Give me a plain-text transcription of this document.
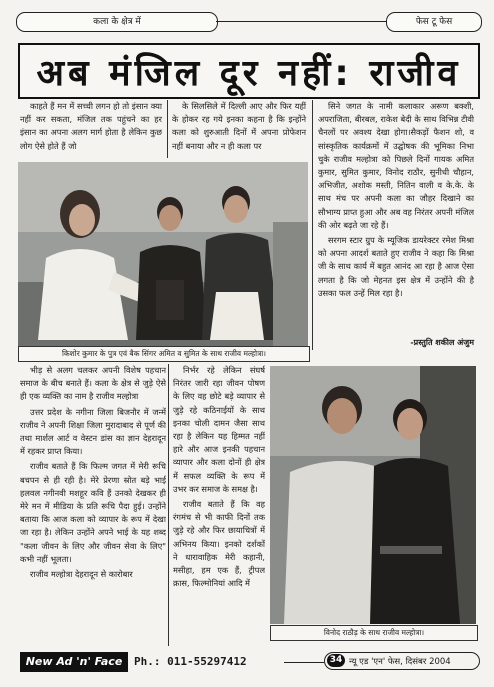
कला के क्षेत्र में	फेस टू फेस
अब मंजिल दूर नहीं: राजीव

काहते हैं मन में सच्ची लगन हो तो इंसान क्या नहीं कर सकता, मंजिल तक पहुंचने का हर इंसान का अपना अलग मार्ग होता है लेकिन कुछ लोग ऐसे होते हैं जो

के सिलसिले में दिल्ली आए और फिर यहीं के होकर रह गये इनका कहना है कि इन्होंने कला को शुरुआती दिनों में अपना प्रोफेशन नहीं बनाया और न ही कला पर

सिने जगत के नामी कलाकार अरूण बक्शी, अपराजिता, बीरबल, राकेश बेदी के साथ विभिन्न टीवी चैनलों पर अवश्य देखा होगा।सैकड़ों फैशन शो, व सांस्कृतिक कार्यक्रमों में उद्घोषक की भूमिका निभा चुके राजीव मल्होत्रा को पिछले दिनों गायक अमित कुमार, सुमित कुमार, विनोद राठौर, सुनीधी चौहान, अभिजीत, अशोक मस्ती, नितिन वाली व के.के. के साथ मंच पर अपनी कला का जौहर दिखाने का सौभाग्य प्राप्त हुआ और अब वह निरंतर अपनी मंजिल की ओर बढ़ते जा रहे हैं।

सरगम स्टार ग्रुप के म्यूजिक डायरेक्टर रमेश मिश्रा को अपना आदर्श बताते हुए राजीव ने कहा कि मिश्रा जी के साथ कार्य में बहुत आनंद आ रहा है आज ऐसा लगता है कि जो मेहनत इस क्षेत्र में उन्होंने की है उसका फल उन्हें मिल रहा है।

-प्रस्तुति शकील अंजुम
किशोर कुमार के पुत्र एवं बैक सिंगर अमित व सुमित के साथ राजीव मल्होत्रा।

भीड़ से अलग चलकर अपनी विशेष पहचान समाज के बीच बनाते हैं। कला के क्षेत्र से जुड़े ऐसे ही एक व्यक्ति का नाम है राजीव मल्होत्रा

उत्तर प्रदेश के नगीना जिला बिजनौर में जन्में राजीव ने अपनी शिक्षा जिला मुरादाबाद से पूर्ण की तथा मार्शल आर्ट व वेस्टन डांस का ज्ञान देहरादून में रहकर प्राप्त किया।

राजीव बताते हैं कि फिल्म जगत में मेरी रूचि बचपन से ही रही है। मेरे प्रेरणा स्रोत बड़े भाई हलवल नगीनवी मशहूर कवि हैं उनको देखकर ही मेरे मन में मीडिया के प्रति रूचि पैदा हुई। उन्होंने बताया कि आज कला को व्यापार के रूप में देखा जा रहा है। लेकिन उन्होंने अपने भाई के यह शब्द "कला जीवन के लिए और जीवन सेवा के लिए" कभी नहीं भूलता।

राजीव मल्होत्रा देहरादून से कारोबार

निर्भर रहे लेकिन संघर्ष निरंतर जारी रहा जीवन पोषण के लिए वह छोटे बड़े व्यापार से जुड़े रहे कठिनाईयों के साथ इनका चोली दामन जैसा साथ रहा है लेकिन यह हिम्मत नहीं हारे और आज इनकी पहचान व्यापार और कला दोनों ही क्षेत्र में सफल व्यक्ति के रूप में उभर कर समाज के समक्ष है।

राजीव बताते हैं कि वह रंगमंच से भी काफी दिनों तक जुड़े रहे और फिर छायाचित्रों में अभिनय किया। इनको दर्शकों ने धारावाहिक मेरी कहानी, मसीहा, हम एक हैं, ट्रीपल क्रास, फिल्मोनियां आदि में

विनोद राठौड़ के साथ राजीव मल्होत्रा।
New Ad 'n' Face	Ph.: 011-55297412	34 न्यू एड 'एन' फेस, दिसंबर 2004
